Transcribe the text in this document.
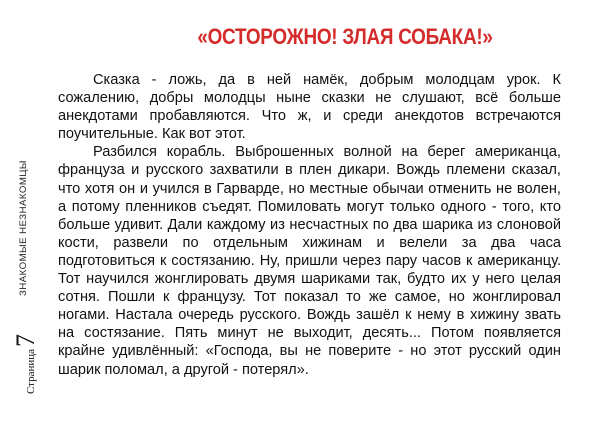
«ОСТОРОЖНО! ЗЛАЯ СОБАКА!»
ЗНАКОМЫЕ НЕЗНАКОМЦЫ
Страница7

Сказка - ложь, да в ней намёк, добрым молодцам урок. К сожалению, добры молодцы ныне сказки не слушают, всё больше анекдотами пробавляются. Что ж, и среди анекдотов встречаются поучительные. Как вот этот.

Разбился корабль. Выброшенных волной на берег американца, француза и русского захватили в плен дикари. Вождь племени сказал, что хотя он и учился в Гарварде, но местные обычаи отменить не волен, а потому пленников съедят. Помиловать могут только одного - того, кто больше удивит. Дали каждому из несчастных по два шарика из слоновой кости, развели по отдельным хижинам и велели за два часа подготовиться к состязанию. Ну, пришли через пару часов к американцу. Тот научился жонглировать двумя шариками так, будто их у него целая сотня. Пошли к французу. Тот показал то же самое, но жонглировал ногами. Настала очередь русского. Вождь зашёл к нему в хижину звать на состязание. Пять минут не выходит, десять... Потом появляется крайне удивлённый: «Господа, вы не поверите - но этот русский один шарик поломал, а другой - потерял».
